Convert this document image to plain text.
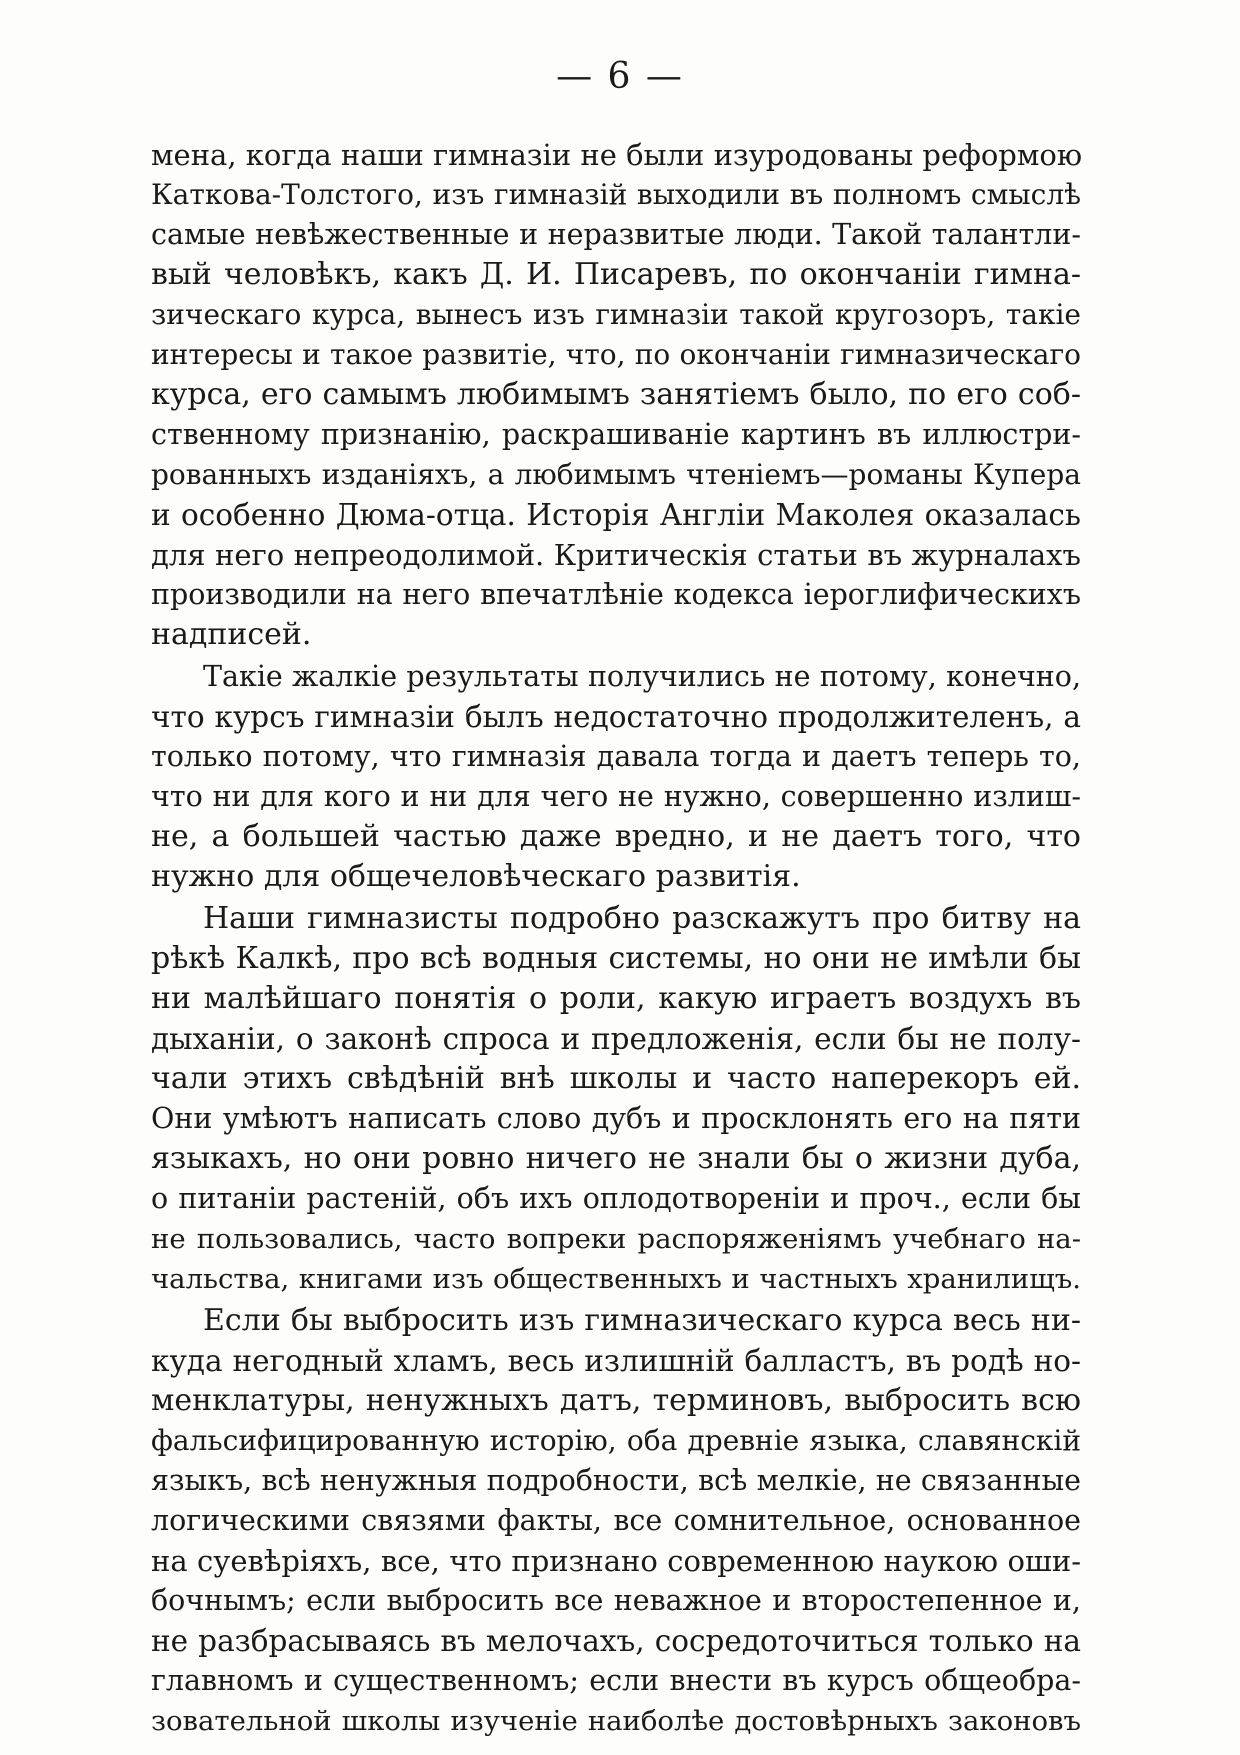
— 6 —
мена, когда наши гимназіи не были изуродованы реформою
Каткова-Толстого, изъ гимназій выходили въ полномъ смыслѣ
самые невѣжественные и неразвитые люди. Такой талантли-
вый человѣкъ, какъ Д. И. Писаревъ, по окончаніи гимна-
зическаго курса, вынесъ изъ гимназіи такой кругозоръ, такіе
интересы и такое развитіе, что, по окончаніи гимназическаго
курса, его самымъ любимымъ занятіемъ было, по его соб-
ственному признанію, раскрашиваніе картинъ въ иллюстри-
рованныхъ изданіяхъ, а любимымъ чтеніемъ—романы Купера
и особенно Дюма-отца. Исторія Англіи Маколея оказалась
для него непреодолимой. Критическія статьи въ журналахъ
производили на него впечатлѣніе кодекса іероглифическихъ
надписей.
Такіе жалкіе результаты получились не потому, конечно,
что курсъ гимназіи былъ недостаточно продолжителенъ, а
только потому, что гимназія давала тогда и даетъ теперь то,
что ни для кого и ни для чего не нужно, совершенно излиш-
не, а большей частью даже вредно, и не даетъ того, что
нужно для общечеловѣческаго развитія.
Наши гимназисты подробно разскажутъ про битву на
рѣкѣ Калкѣ, про всѣ водныя системы, но они не имѣли бы
ни малѣйшаго понятія о роли, какую играетъ воздухъ въ
дыханіи, о законѣ спроса и предложенія, если бы не полу-
чали этихъ свѣдѣній внѣ школы и часто наперекоръ ей.
Они умѣютъ написать слово дубъ и просклонять его на пяти
языкахъ, но они ровно ничего не знали бы о жизни дуба,
о питаніи растеній, объ ихъ оплодотвореніи и проч., если бы
не пользовались, часто вопреки распоряженіямъ учебнаго на-
чальства, книгами изъ общественныхъ и частныхъ хранилищъ.
Если бы выбросить изъ гимназическаго курса весь ни-
куда негодный хламъ, весь излишній балластъ, въ родѣ но-
менклатуры, ненужныхъ датъ, терминовъ, выбросить всю
фальсифицированную исторію, оба древніе языка, славянскій
языкъ, всѣ ненужныя подробности, всѣ мелкіе, не связанные
логическими связями факты, все сомнительное, основанное
на суевѣріяхъ, все, что признано современною наукою оши-
бочнымъ; если выбросить все неважное и второстепенное и,
не разбрасываясь въ мелочахъ, сосредоточиться только на
главномъ и существенномъ; если внести въ курсъ общеобра-
зовательной школы изученіе наиболѣе достовѣрныхъ законовъ
